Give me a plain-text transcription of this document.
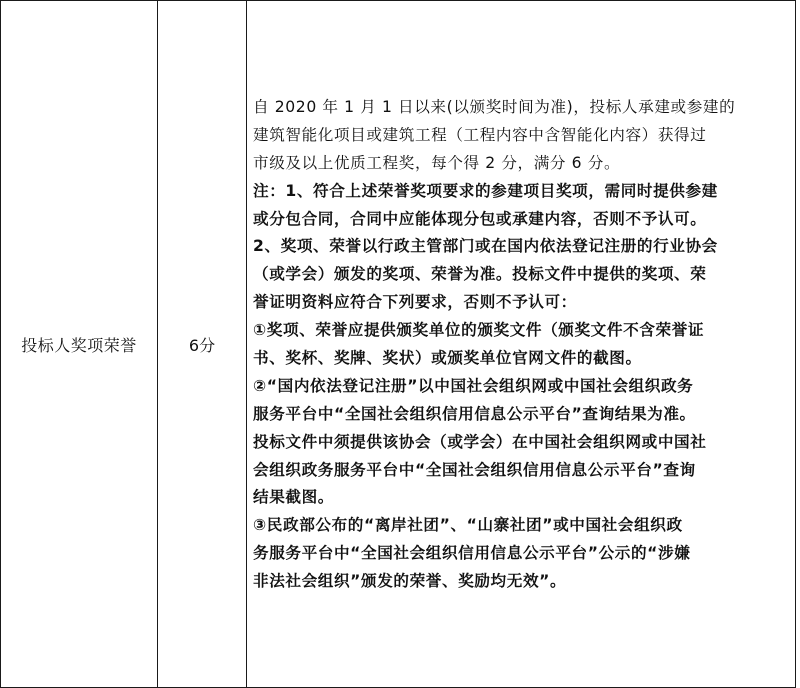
投标人奖项荣誉	6分	
自 2020 年 1 月 1 日以来(以颁奖时间为准)，投标人承建或参建的
建筑智能化项目或建筑工程（工程内容中含智能化内容）获得过
市级及以上优质工程奖，每个得 2 分，满分 6 分。
注：1、符合上述荣誉奖项要求的参建项目奖项，需同时提供参建
或分包合同，合同中应能体现分包或承建内容，否则不予认可。
2、奖项、荣誉以行政主管部门或在国内依法登记注册的行业协会
（或学会）颁发的奖项、荣誉为准。投标文件中提供的奖项、荣
誉证明资料应符合下列要求，否则不予认可：
①奖项、荣誉应提供颁奖单位的颁奖文件（颁奖文件不含荣誉证
书、奖杯、奖牌、奖状）或颁奖单位官网文件的截图。
②“国内依法登记注册”以中国社会组织网或中国社会组织政务
服务平台中“全国社会组织信用信息公示平台”查询结果为准。
投标文件中须提供该协会（或学会）在中国社会组织网或中国社
会组织政务服务平台中“全国社会组织信用信息公示平台”查询
结果截图。
③民政部公布的“离岸社团”、“山寨社团”或中国社会组织政
务服务平台中“全国社会组织信用信息公示平台”公示的“涉嫌
非法社会组织”颁发的荣誉、奖励均无效”。
